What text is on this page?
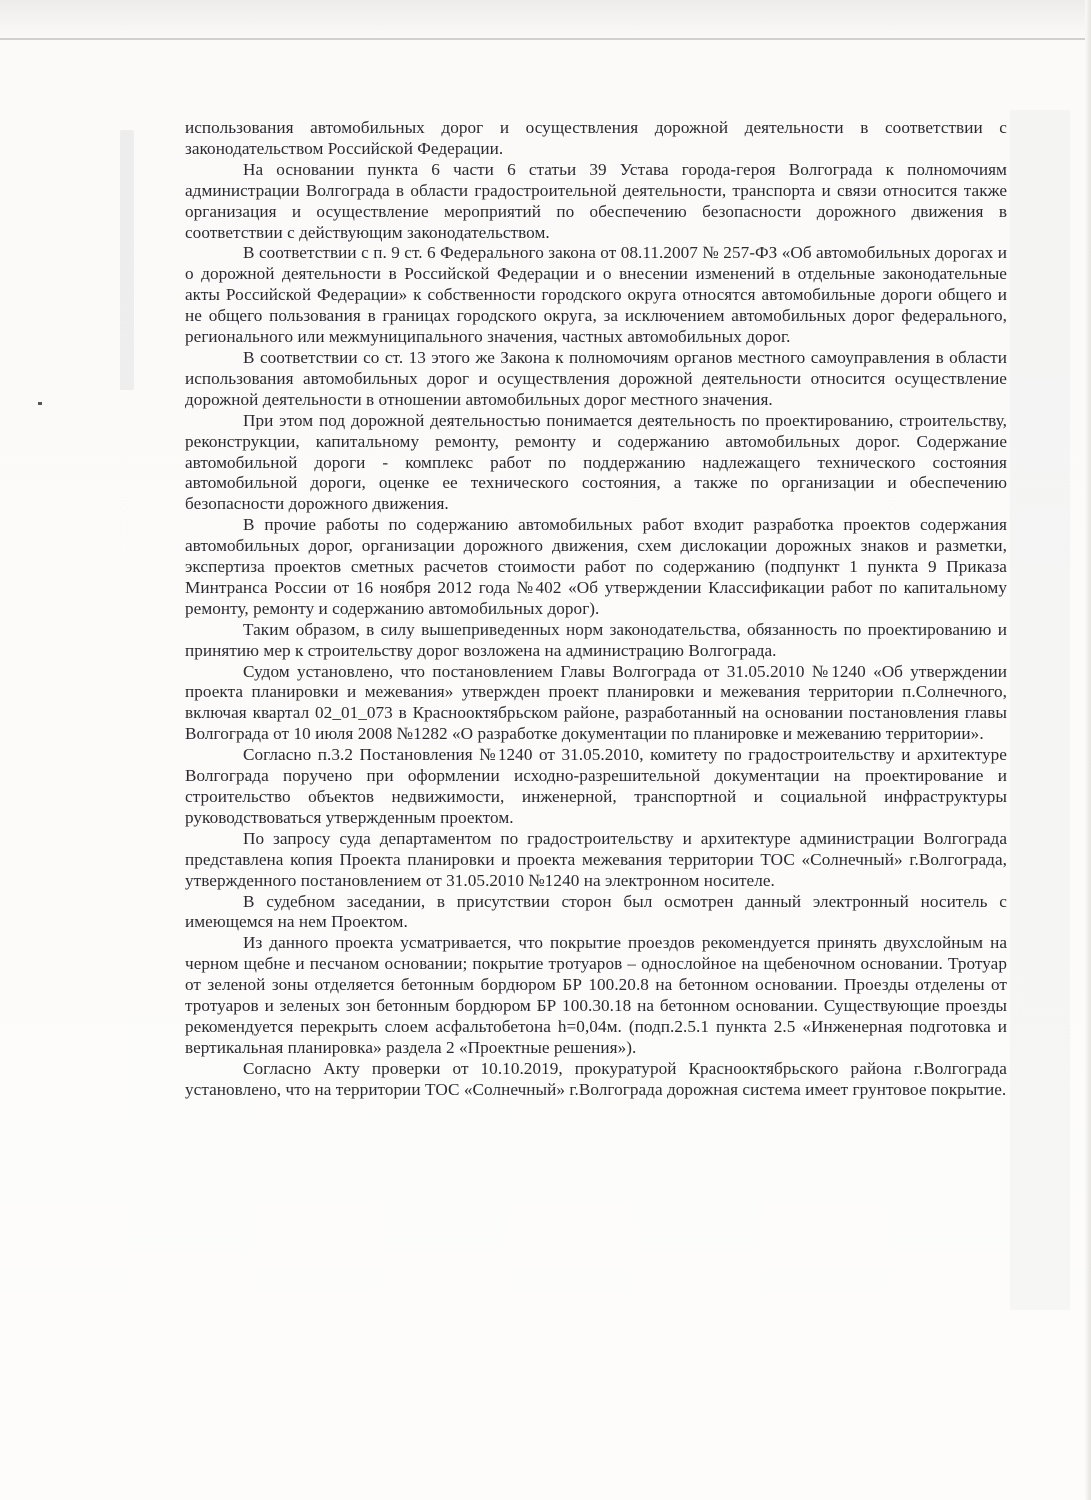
использования автомобильных дорог и осуществления дорожной деятельности в соответствии с законодательством Российской Федерации.

На основании пункта 6 части 6 статьи 39 Устава города-героя Волгограда к полномочиям администрации Волгограда в области градостроительной деятельности, транспорта и связи относится также организация и осуществление мероприятий по обеспечению безопасности дорожного движения в соответствии с действующим законодательством.

В соответствии с п. 9 ст. 6 Федерального закона от 08.11.2007 № 257-ФЗ «Об автомобильных дорогах и о дорожной деятельности в Российской Федерации и о внесении изменений в отдельные законодательные акты Российской Федерации» к собственности городского округа относятся автомобильные дороги общего и не общего пользования в границах городского округа, за исключением автомобильных дорог федерального, регионального или межмуниципального значения, частных автомобильных дорог.

В соответствии со ст. 13 этого же Закона к полномочиям органов местного самоуправления в области использования автомобильных дорог и осуществления дорожной деятельности относится осуществление дорожной деятельности в отношении автомобильных дорог местного значения.

При этом под дорожной деятельностью понимается деятельность по проектированию, строительству, реконструкции, капитальному ремонту, ремонту и содержанию автомобильных дорог. Содержание автомобильной дороги - комплекс работ по поддержанию надлежащего технического состояния автомобильной дороги, оценке ее технического состояния, а также по организации и обеспечению безопасности дорожного движения.

В прочие работы по содержанию автомобильных работ входит разработка проектов содержания автомобильных дорог, организации дорожного движения, схем дислокации дорожных знаков и разметки, экспертиза проектов сметных расчетов стоимости работ по содержанию (подпункт 1 пункта 9 Приказа Минтранса России от 16 ноября 2012 года №402 «Об утверждении Классификации работ по капитальному ремонту, ремонту и содержанию автомобильных дорог).

Таким образом, в силу вышеприведенных норм законодательства, обязанность по проектированию и принятию мер к строительству дорог возложена на администрацию Волгограда.

Судом установлено, что постановлением Главы Волгограда от 31.05.2010 №1240 «Об утверждении проекта планировки и межевания» утвержден проект планировки и межевания территории п.Солнечного, включая квартал 02_01_073 в Краснооктябрьском районе, разработанный на основании постановления главы Волгограда от 10 июля 2008 №1282 «О разработке документации по планировке и межеванию территории».

Согласно п.3.2 Постановления №1240 от 31.05.2010, комитету по градостроительству и архитектуре Волгограда поручено при оформлении исходно-разрешительной документации на проектирование и строительство объектов недвижимости, инженерной, транспортной и социальной инфраструктуры руководствоваться утвержденным проектом.

По запросу суда департаментом по градостроительству и архитектуре администрации Волгограда представлена копия Проекта планировки и проекта межевания территории ТОС «Солнечный» г.Волгограда, утвержденного постановлением от 31.05.2010 №1240 на электронном носителе.

В судебном заседании, в присутствии сторон был осмотрен данный электронный носитель с имеющемся на нем Проектом.

Из данного проекта усматривается, что покрытие проездов рекомендуется принять двухслойным на черном щебне и песчаном основании; покрытие тротуаров – однослойное на щебеночном основании. Тротуар от зеленой зоны отделяется бетонным бордюром БР 100.20.8 на бетонном основании. Проезды отделены от тротуаров и зеленых зон бетонным бордюром БР 100.30.18 на бетонном основании. Существующие проезды рекомендуется перекрыть слоем асфальтобетона h=0,04м. (подп.2.5.1 пункта 2.5 «Инженерная подготовка и вертикальная планировка» раздела 2 «Проектные решения»).

Согласно Акту проверки от 10.10.2019, прокуратурой Краснооктябрьского района г.Волгограда установлено, что на территории ТОС «Солнечный» г.Волгограда дорожная система имеет грунтовое покрытие.
